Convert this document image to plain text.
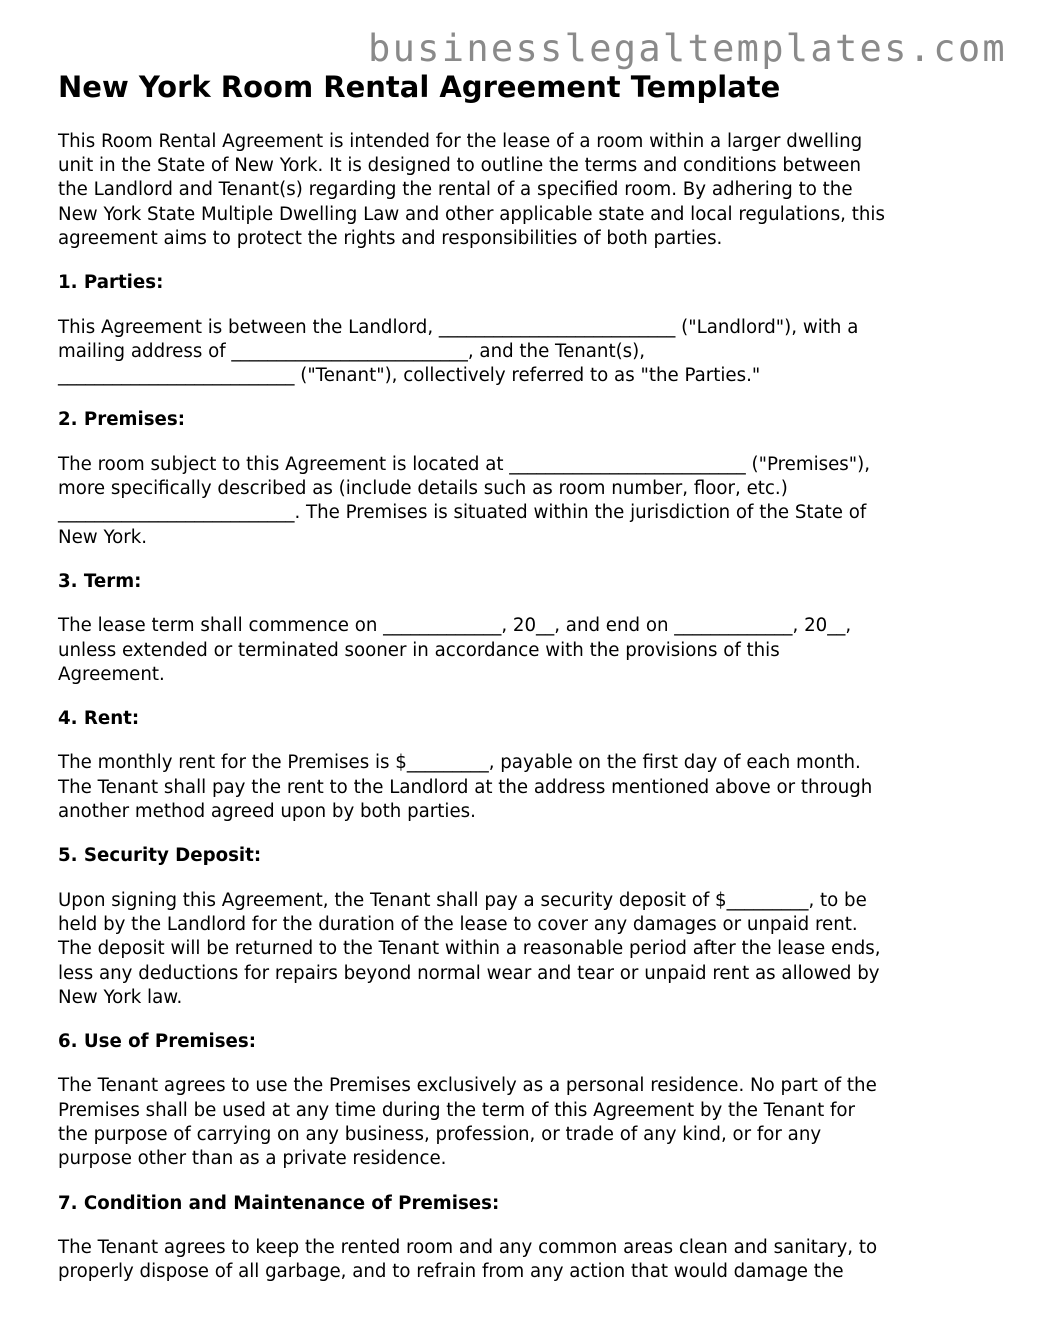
businesslegaltemplates.com
New York Room Rental Agreement Template

This Room Rental Agreement is intended for the lease of a room within a larger dwelling
unit in the State of New York. It is designed to outline the terms and conditions between
the Landlord and Tenant(s) regarding the rental of a specified room. By adhering to the
New York State Multiple Dwelling Law and other applicable state and local regulations, this
agreement aims to protect the rights and responsibilities of both parties.

1. Parties:

This Agreement is between the Landlord, __________________________ ("Landlord"), with a
mailing address of __________________________, and the Tenant(s),
__________________________ ("Tenant"), collectively referred to as "the Parties."

2. Premises:

The room subject to this Agreement is located at __________________________ ("Premises"),
more specifically described as (include details such as room number, floor, etc.)
__________________________. The Premises is situated within the jurisdiction of the State of
New York.

3. Term:

The lease term shall commence on _____________, 20__, and end on _____________, 20__,
unless extended or terminated sooner in accordance with the provisions of this
Agreement.

4. Rent:

The monthly rent for the Premises is $_________, payable on the first day of each month.
The Tenant shall pay the rent to the Landlord at the address mentioned above or through
another method agreed upon by both parties.

5. Security Deposit:

Upon signing this Agreement, the Tenant shall pay a security deposit of $_________, to be
held by the Landlord for the duration of the lease to cover any damages or unpaid rent.
The deposit will be returned to the Tenant within a reasonable period after the lease ends,
less any deductions for repairs beyond normal wear and tear or unpaid rent as allowed by
New York law.

6. Use of Premises:

The Tenant agrees to use the Premises exclusively as a personal residence. No part of the
Premises shall be used at any time during the term of this Agreement by the Tenant for
the purpose of carrying on any business, profession, or trade of any kind, or for any
purpose other than as a private residence.

7. Condition and Maintenance of Premises:

The Tenant agrees to keep the rented room and any common areas clean and sanitary, to
properly dispose of all garbage, and to refrain from any action that would damage the
